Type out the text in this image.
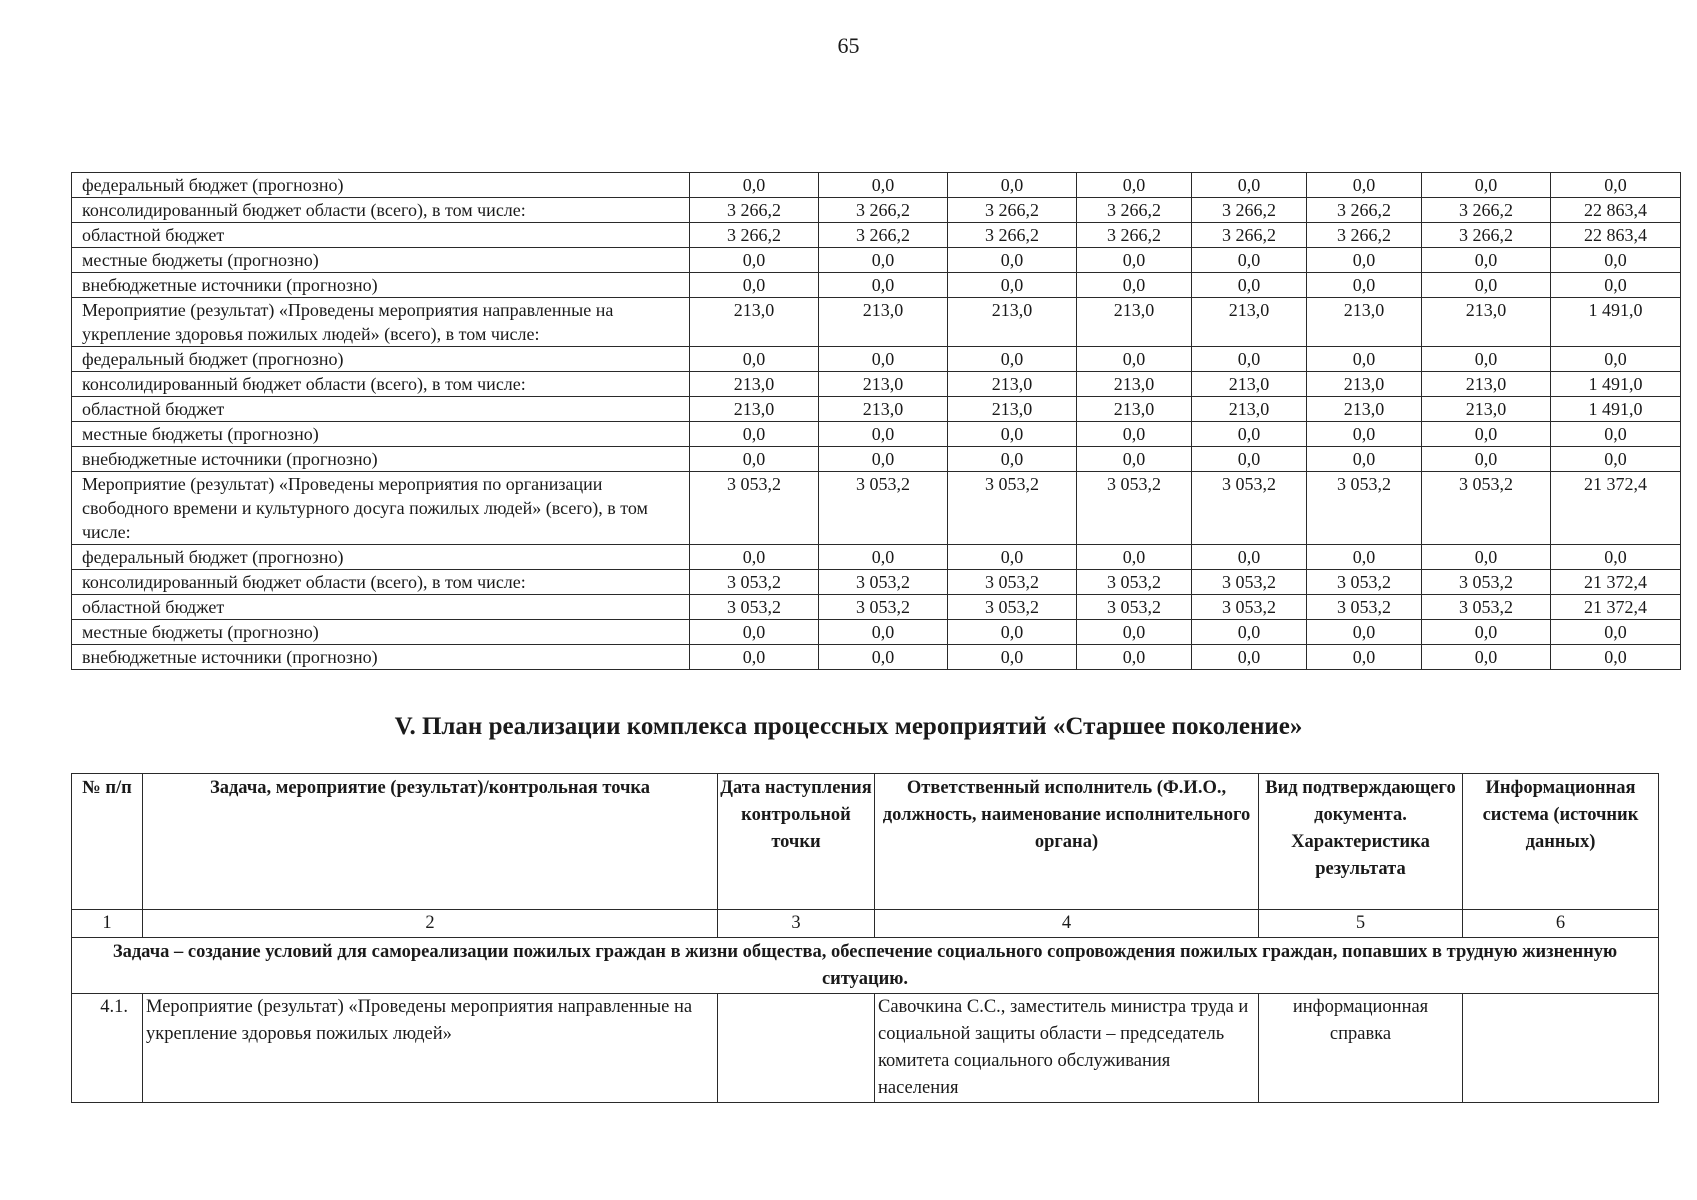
65
федеральный бюджет (прогнозно)	0,0	0,0	0,0	0,0	0,0	0,0	0,0	0,0
консолидированный бюджет области (всего), в том числе:	3 266,2	3 266,2	3 266,2	3 266,2	3 266,2	3 266,2	3 266,2	22 863,4
областной бюджет	3 266,2	3 266,2	3 266,2	3 266,2	3 266,2	3 266,2	3 266,2	22 863,4
местные бюджеты (прогнозно)	0,0	0,0	0,0	0,0	0,0	0,0	0,0	0,0
внебюджетные источники (прогнозно)	0,0	0,0	0,0	0,0	0,0	0,0	0,0	0,0
Мероприятие (результат) «Проведены мероприятия направленные на укрепление здоровья пожилых людей» (всего), в том числе:	213,0	213,0	213,0	213,0	213,0	213,0	213,0	1 491,0
федеральный бюджет (прогнозно)	0,0	0,0	0,0	0,0	0,0	0,0	0,0	0,0
консолидированный бюджет области (всего), в том числе:	213,0	213,0	213,0	213,0	213,0	213,0	213,0	1 491,0
областной бюджет	213,0	213,0	213,0	213,0	213,0	213,0	213,0	1 491,0
местные бюджеты (прогнозно)	0,0	0,0	0,0	0,0	0,0	0,0	0,0	0,0
внебюджетные источники (прогнозно)	0,0	0,0	0,0	0,0	0,0	0,0	0,0	0,0
Мероприятие (результат) «Проведены мероприятия по организации свободного времени и культурного досуга пожилых людей» (всего), в том числе:	3 053,2	3 053,2	3 053,2	3 053,2	3 053,2	3 053,2	3 053,2	21 372,4
федеральный бюджет (прогнозно)	0,0	0,0	0,0	0,0	0,0	0,0	0,0	0,0
консолидированный бюджет области (всего), в том числе:	3 053,2	3 053,2	3 053,2	3 053,2	3 053,2	3 053,2	3 053,2	21 372,4
областной бюджет	3 053,2	3 053,2	3 053,2	3 053,2	3 053,2	3 053,2	3 053,2	21 372,4
местные бюджеты (прогнозно)	0,0	0,0	0,0	0,0	0,0	0,0	0,0	0,0
внебюджетные источники (прогнозно)	0,0	0,0	0,0	0,0	0,0	0,0	0,0	0,0
V. План реализации комплекса процессных мероприятий «Старшее поколение»
№ п/п	Задача, мероприятие (результат)/контрольная точка	Дата наступления контрольной точки	Ответственный исполнитель (Ф.И.О., должность, наименование исполнительного органа)	Вид подтверждающего документа. Характеристика результата	Информационная система (источник данных)
1	2	3	4	5	6
Задача – создание условий для самореализации пожилых граждан в жизни общества, обеспечение социального сопровождения пожилых граждан, попавших в трудную жизненную ситуацию.					
4.1.	Мероприятие (результат) «Проведены мероприятия направленные на укрепление здоровья пожилых людей»		Савочкина С.С., заместитель министра труда и социальной защиты области – председатель комитета социального обслуживания населения	информационная справка	
